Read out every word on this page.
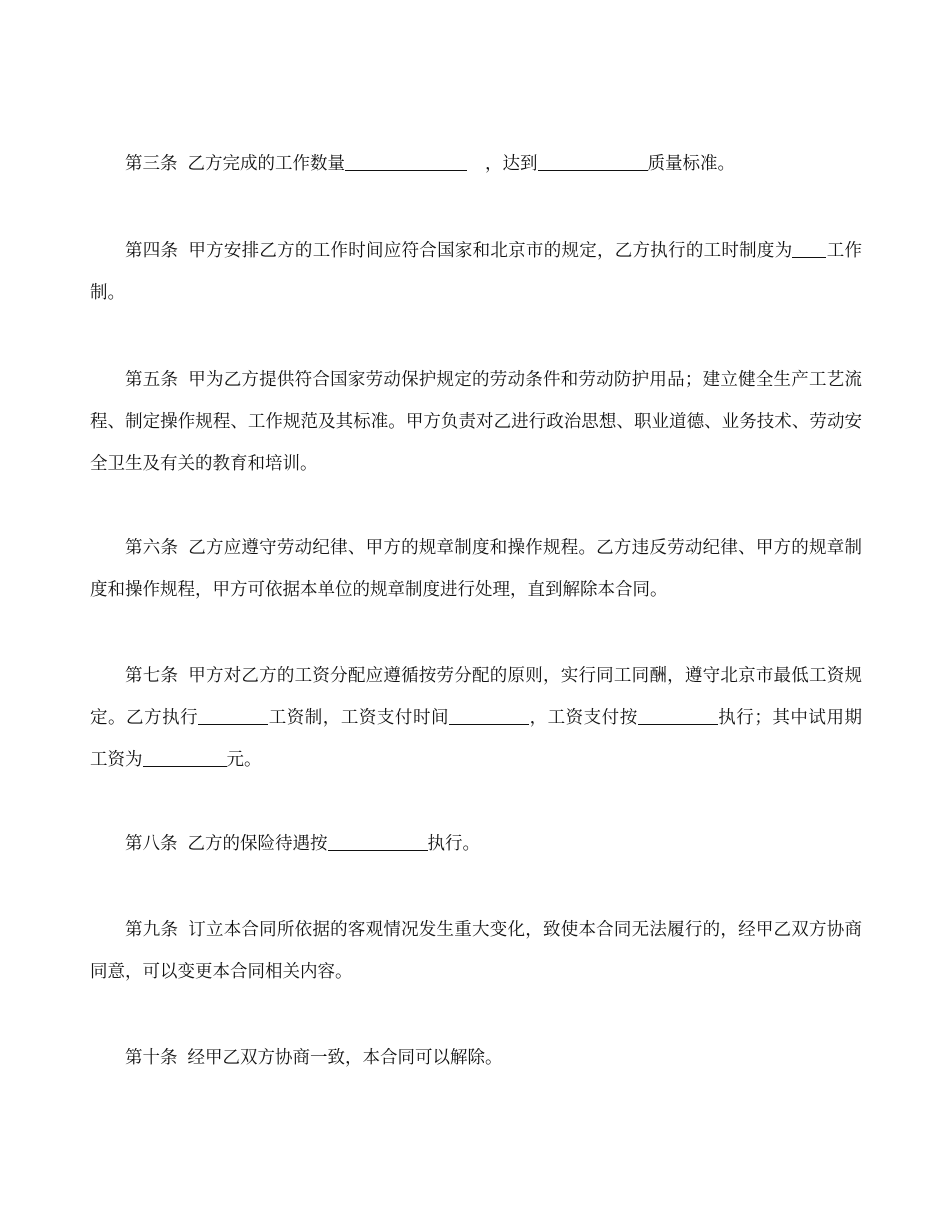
第三条 乙方完成的工作数量	，达到	质量标准。

第四条 甲方安排乙方的工作时间应符合国家和北京市的规定，乙方执行的工时制度为 工作制。

第五条 甲为乙方提供符合国家劳动保护规定的劳动条件和劳动防护用品；建立健全生产工艺流程、制定操作规程、工作规范及其标准。甲方负责对乙进行政治思想、职业道德、业务技术、劳动安全卫生及有关的教育和培训。

第六条 乙方应遵守劳动纪律、甲方的规章制度和操作规程。乙方违反劳动纪律、甲方的规章制度和操作规程，甲方可依据本单位的规章制度进行处理，直到解除本合同。

第七条 甲方对乙方的工资分配应遵循按劳分配的原则，实行同工同酬，遵守北京市最低工资规定。乙方执行	工资制，工资支付时间	，工资支付按	执行；其中试用期工资为	元。

第八条 乙方的保险待遇按	执行。

第九条 订立本合同所依据的客观情况发生重大变化，致使本合同无法履行的，经甲乙双方协商同意，可以变更本合同相关内容。

第十条 经甲乙双方协商一致，本合同可以解除。
